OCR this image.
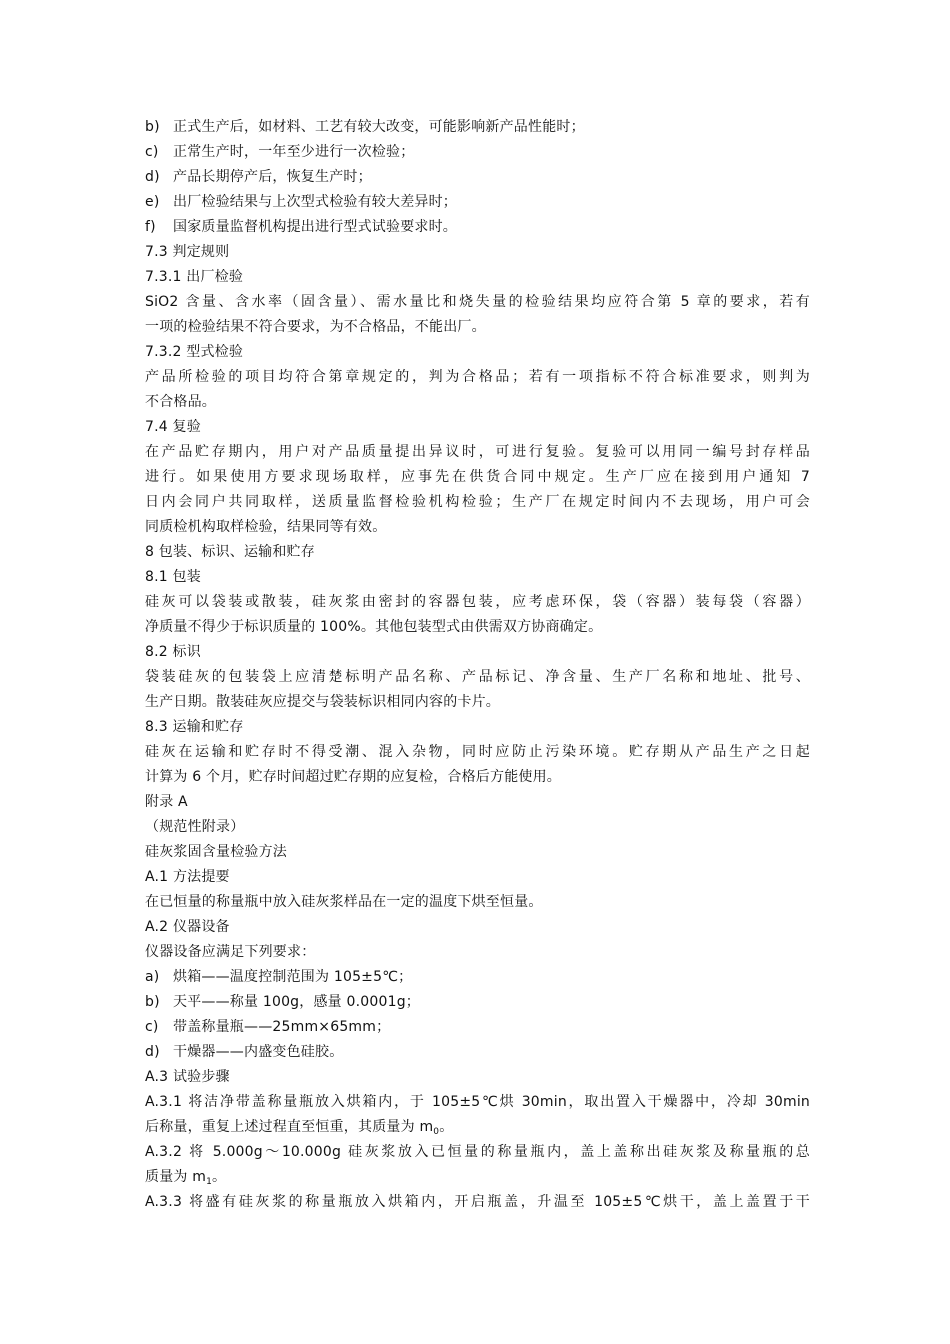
b) 正式生产后，如材料、工艺有较大改变，可能影响新产品性能时；
c) 正常生产时，一年至少进行一次检验；
d) 产品长期停产后，恢复生产时；
e) 出厂检验结果与上次型式检验有较大差异时；
f) 国家质量监督机构提出进行型式试验要求时。
7.3 判定规则
7.3.1 出厂检验
SiO2 含量、含水率（固含量）、需水量比和烧失量的检验结果均应符合第 5 章的要求，若有
一项的检验结果不符合要求，为不合格品，不能出厂。
7.3.2 型式检验
产品所检验的项目均符合第章规定的，判为合格品；若有一项指标不符合标准要求，则判为
不合格品。
7.4 复验
在产品贮存期内，用户对产品质量提出异议时，可进行复验。复验可以用同一编号封存样品
进行。如果使用方要求现场取样，应事先在供货合同中规定。生产厂应在接到用户通知 7
日内会同户共同取样，送质量监督检验机构检验；生产厂在规定时间内不去现场，用户可会
同质检机构取样检验，结果同等有效。
8 包装、标识、运输和贮存
8.1 包装
硅灰可以袋装或散装，硅灰浆由密封的容器包装，应考虑环保，袋（容器）装每袋（容器）
净质量不得少于标识质量的 100%。其他包装型式由供需双方协商确定。
8.2 标识
袋装硅灰的包装袋上应清楚标明产品名称、产品标记、净含量、生产厂名称和地址、批号、
生产日期。散装硅灰应提交与袋装标识相同内容的卡片。
8.3 运输和贮存
硅灰在运输和贮存时不得受潮、混入杂物，同时应防止污染环境。贮存期从产品生产之日起
计算为 6 个月，贮存时间超过贮存期的应复检，合格后方能使用。
附录 A
（规范性附录）
硅灰浆固含量检验方法
A.1 方法提要
在已恒量的称量瓶中放入硅灰浆样品在一定的温度下烘至恒量。
A.2 仪器设备
仪器设备应满足下列要求：
a) 烘箱——温度控制范围为 105±5℃；
b) 天平——称量 100g，感量 0.0001g；
c) 带盖称量瓶——25mm×65mm；
d) 干燥器——内盛变色硅胶。
A.3 试验步骤
A.3.1 将洁净带盖称量瓶放入烘箱内，于 105±5℃烘 30min，取出置入干燥器中，冷却 30min
后称量，重复上述过程直至恒重，其质量为 $m_0$。
A.3.2 将 5.000g～10.000g 硅灰浆放入已恒量的称量瓶内，盖上盖称出硅灰浆及称量瓶的总
质量为 $m_1$。
A.3.3 将盛有硅灰浆的称量瓶放入烘箱内，开启瓶盖，升温至 105±5℃烘干，盖上盖置于干
